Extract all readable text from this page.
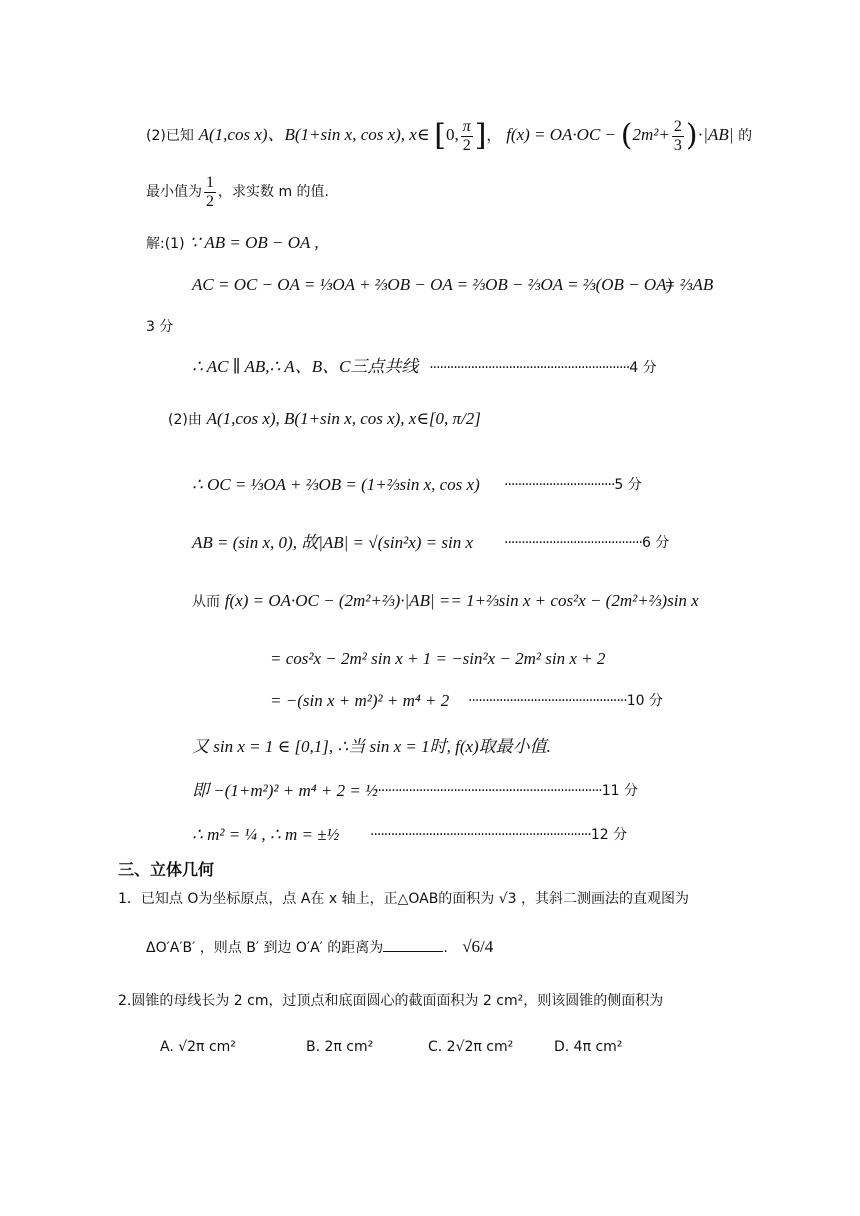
(2)已知 A(1,cos x)、B(1+sin x, cos x), x∈ [0, $\frac{\pi}{2}$ ]， $f(x) = OA\cdot OC - (2m^2+ \frac{2}{3} )\cdot|AB|$ 的
最小值为 $\frac{1}{2}$ ，求实数 m 的值.
解:(1) ∵ AB = OB − OA ,
AC = OC − OA = ⅓OA + ⅔OB − OA = ⅔OB − ⅔OA = ⅔(OB − OA)
= ⅔AB
3 分
∴ AC ∥ AB,∴ A、B、C三点共线 ··························································4 分
(2)由 A(1,cos x), B(1+sin x, cos x), x∈[0, π/2]
∴ OC = ⅓OA + ⅔OB = (1+⅔sin x, cos x) ································5 分
AB = (sin x, 0), 故|AB| = √(sin²x) = sin x ········································6 分
从而 f(x) = OA·OC − (2m²+⅔)·|AB| == 1+⅔sin x + cos²x − (2m²+⅔)sin x
= cos²x − 2m² sin x + 1 = −sin²x − 2m² sin x + 2
= −(sin x + m²)² + m⁴ + 2 ··············································10 分
又 sin x = 1 ∈ [0,1], ∴当 sin x = 1时, f(x)取最小值.
即 −(1+m²)² + m⁴ + 2 = ½
··································································11 分
∴ m² = ¼ , ∴ m = ±½ ································································12 分
三、立体几何
1．已知点 O为坐标原点，点 A在 x 轴上，正△OAB的面积为 √3 ，其斜二测画法的直观图为
ΔO′A′B′ ，则点 B′ 到边 O′A′ 的距离为	. √6/4
2.圆锥的母线长为 2 cm，过顶点和底面圆心的截面面积为 2 cm²，则该圆锥的侧面积为
A. √2π cm²	B. 2π cm²	C. 2√2π cm²	D. 4π cm²
